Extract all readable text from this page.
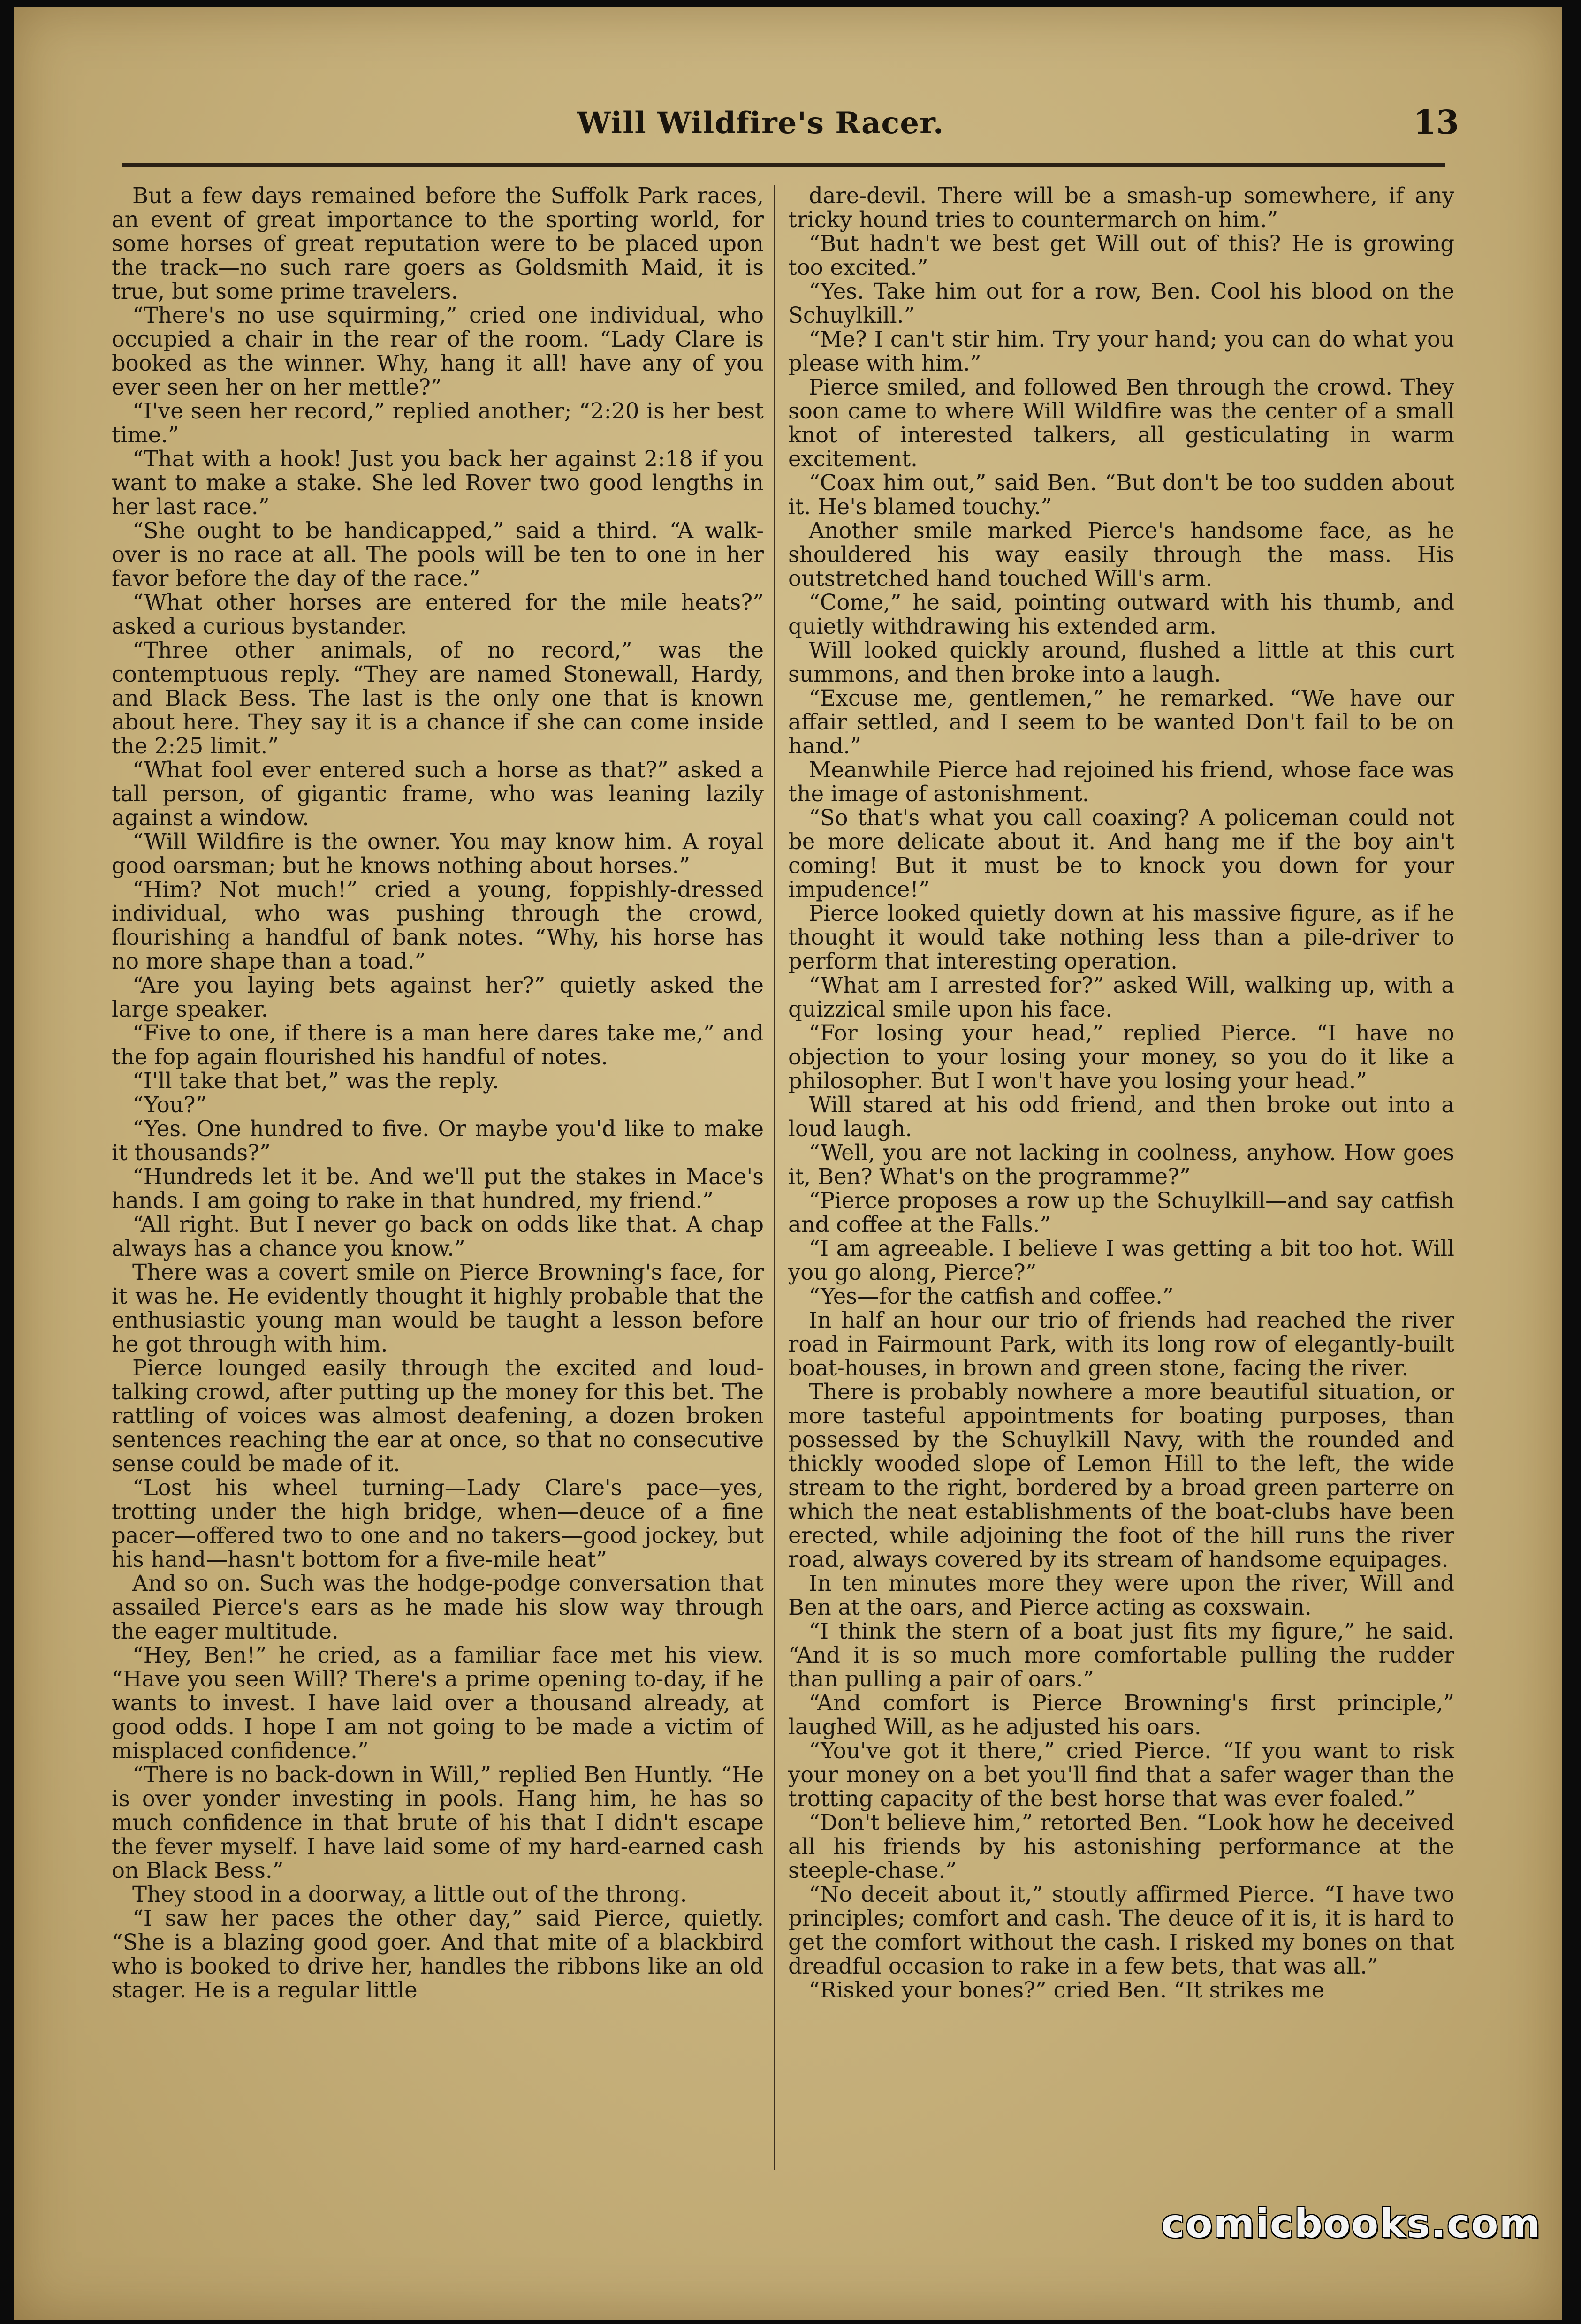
Will Wildfire's Racer.	13

But a few days remained before the Suffolk Park races, an event of great importance to the sporting world, for some horses of great reputation were to be placed upon the track—no such rare goers as Goldsmith Maid, it is true, but some prime travelers.

“There's no use squirming,” cried one individual, who occupied a chair in the rear of the room. “Lady Clare is booked as the winner. Why, hang it all! have any of you ever seen her on her mettle?”

“I've seen her record,” replied another; “2:20 is her best time.”

“That with a hook! Just you back her against 2:18 if you want to make a stake. She led Rover two good lengths in her last race.”

“She ought to be handicapped,” said a third. “A walk-over is no race at all. The pools will be ten to one in her favor before the day of the race.”

“What other horses are entered for the mile heats?” asked a curious bystander.

“Three other animals, of no record,” was the contemptuous reply. “They are named Stonewall, Hardy, and Black Bess. The last is the only one that is known about here. They say it is a chance if she can come inside the 2:25 limit.”

“What fool ever entered such a horse as that?” asked a tall person, of gigantic frame, who was leaning lazily against a window.

“Will Wildfire is the owner. You may know him. A royal good oarsman; but he knows nothing about horses.”

“Him? Not much!” cried a young, foppishly-dressed individual, who was pushing through the crowd, flourishing a handful of bank notes. “Why, his horse has no more shape than a toad.”

“Are you laying bets against her?” quietly asked the large speaker.

“Five to one, if there is a man here dares take me,” and the fop again flourished his handful of notes.

“I'll take that bet,” was the reply.

“You?”

“Yes. One hundred to five. Or maybe you'd like to make it thousands?”

“Hundreds let it be. And we'll put the stakes in Mace's hands. I am going to rake in that hundred, my friend.”

“All right. But I never go back on odds like that. A chap always has a chance you know.”

There was a covert smile on Pierce Browning's face, for it was he. He evidently thought it highly probable that the enthusiastic young man would be taught a lesson before he got through with him.

Pierce lounged easily through the excited and loud-talking crowd, after putting up the money for this bet. The rattling of voices was almost deafening, a dozen broken sentences reaching the ear at once, so that no consecutive sense could be made of it.

“Lost his wheel turning—Lady Clare's pace—yes, trotting under the high bridge, when—deuce of a fine pacer—offered two to one and no takers—good jockey, but his hand—hasn't bottom for a five-mile heat”

And so on. Such was the hodge-podge conversation that assailed Pierce's ears as he made his slow way through the eager multitude.

“Hey, Ben!” he cried, as a familiar face met his view. “Have you seen Will? There's a prime opening to-day, if he wants to invest. I have laid over a thousand already, at good odds. I hope I am not going to be made a victim of misplaced confidence.”

“There is no back-down in Will,” replied Ben Huntly. “He is over yonder investing in pools. Hang him, he has so much confidence in that brute of his that I didn't escape the fever myself. I have laid some of my hard-earned cash on Black Bess.”

They stood in a doorway, a little out of the throng.

“I saw her paces the other day,” said Pierce, quietly. “She is a blazing good goer. And that mite of a blackbird who is booked to drive her, handles the ribbons like an old stager. He is a regular little

dare-devil. There will be a smash-up somewhere, if any tricky hound tries to countermarch on him.”

“But hadn't we best get Will out of this? He is growing too excited.”

“Yes. Take him out for a row, Ben. Cool his blood on the Schuylkill.”

“Me? I can't stir him. Try your hand; you can do what you please with him.”

Pierce smiled, and followed Ben through the crowd. They soon came to where Will Wildfire was the center of a small knot of interested talkers, all gesticulating in warm excitement.

“Coax him out,” said Ben. “But don't be too sudden about it. He's blamed touchy.”

Another smile marked Pierce's handsome face, as he shouldered his way easily through the mass. His outstretched hand touched Will's arm.

“Come,” he said, pointing outward with his thumb, and quietly withdrawing his extended arm.

Will looked quickly around, flushed a little at this curt summons, and then broke into a laugh.

“Excuse me, gentlemen,” he remarked. “We have our affair settled, and I seem to be wanted Don't fail to be on hand.”

Meanwhile Pierce had rejoined his friend, whose face was the image of astonishment.

“So that's what you call coaxing? A policeman could not be more delicate about it. And hang me if the boy ain't coming! But it must be to knock you down for your impudence!”

Pierce looked quietly down at his massive figure, as if he thought it would take nothing less than a pile-driver to perform that interesting operation.

“What am I arrested for?” asked Will, walking up, with a quizzical smile upon his face.

“For losing your head,” replied Pierce. “I have no objection to your losing your money, so you do it like a philosopher. But I won't have you losing your head.”

Will stared at his odd friend, and then broke out into a loud laugh.

“Well, you are not lacking in coolness, anyhow. How goes it, Ben? What's on the programme?”

“Pierce proposes a row up the Schuylkill—and say catfish and coffee at the Falls.”

“I am agreeable. I believe I was getting a bit too hot. Will you go along, Pierce?”

“Yes—for the catfish and coffee.”

In half an hour our trio of friends had reached the river road in Fairmount Park, with its long row of elegantly-built boat-houses, in brown and green stone, facing the river.

There is probably nowhere a more beautiful situation, or more tasteful appointments for boating purposes, than possessed by the Schuylkill Navy, with the rounded and thickly wooded slope of Lemon Hill to the left, the wide stream to the right, bordered by a broad green parterre on which the neat establishments of the boat-clubs have been erected, while adjoining the foot of the hill runs the river road, always covered by its stream of handsome equipages.

In ten minutes more they were upon the river, Will and Ben at the oars, and Pierce acting as coxswain.

“I think the stern of a boat just fits my figure,” he said. “And it is so much more comfortable pulling the rudder than pulling a pair of oars.”

“And comfort is Pierce Browning's first principle,” laughed Will, as he adjusted his oars.

“You've got it there,” cried Pierce. “If you want to risk your money on a bet you'll find that a safer wager than the trotting capacity of the best horse that was ever foaled.”

“Don't believe him,” retorted Ben. “Look how he deceived all his friends by his astonishing performance at the steeple-chase.”

“No deceit about it,” stoutly affirmed Pierce. “I have two principles; comfort and cash. The deuce of it is, it is hard to get the comfort without the cash. I risked my bones on that dreadful occasion to rake in a few bets, that was all.”

“Risked your bones?” cried Ben. “It strikes me

comicbooks.com
